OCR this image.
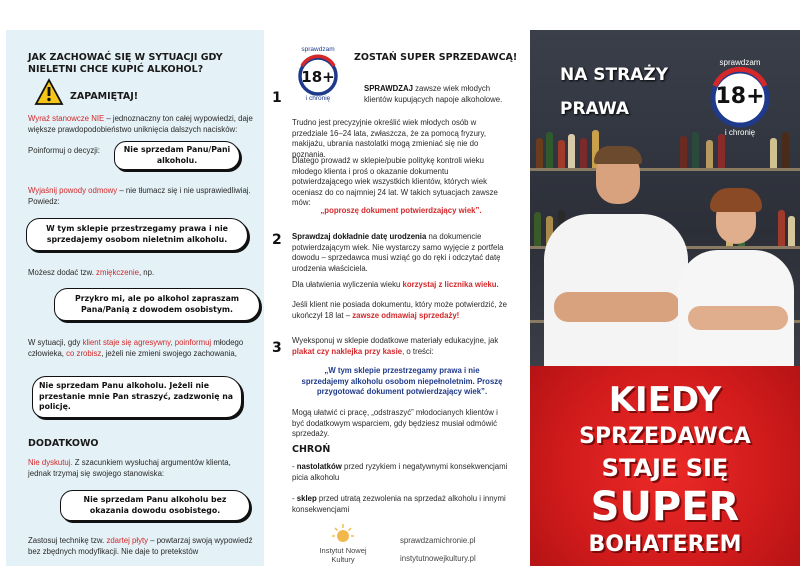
JAK ZACHOWAĆ SIĘ W SYTUACJI GDY NIELETNI CHCE KUPIĆ ALKOHOL?
ZAPAMIĘTAJ!
Wyraź stanowcze NIE – jednoznaczny ton całej wypowiedzi, daje większe prawdopodobieństwo uniknięcia dalszych nacisków:
Poinformuj o decyzji:	Nie sprzedam Panu/Pani alkoholu.
Wyjaśnij powody odmowy – nie tłumacz się i nie usprawiedliwiaj. Powiedz:
W tym sklepie przestrzegamy prawa i nie sprzedajemy osobom nieletnim alkoholu.
Możesz dodać tzw. zmiękczenie, np.
Przykro mi, ale po alkohol zapraszam Pana/Panią z dowodem osobistym.
W sytuacji, gdy klient staje się agresywny, poinformuj młodego człowieka, co zrobisz, jeżeli nie zmieni swojego zachowania,
Nie sprzedam Panu alkoholu. Jeżeli nie przestanie mnie Pan straszyć, zadzwonię na policję.
DODATKOWO
Nie dyskutuj. Z szacunkiem wysłuchaj argumentów klienta, jednak trzymaj się swojego stanowiska:
Nie sprzedam Panu alkoholu bez okazania dowodu osobistego.
Zastosuj technikę tzw. zdartej płyty – powtarzaj swoją wypowiedź bez zbędnych modyfikacji. Nie daje to pretekstów
18+
sprawdzam
i chronię
ZOSTAŃ SUPER SPRZEDAWCĄ!
1
SPRAWDZAJ zawsze wiek młodych klientów kupujących napoje alkoholowe.
Trudno jest precyzyjnie określić wiek młodych osób w przedziale 16–24 lata, zwłaszcza, że za pomocą fryzury, makijażu, ubrania nastolatki mogą zmieniać się nie do poznania.
Dlatego prowadź w sklepie/pubie politykę kontroli wieku młodego klienta i proś o okazanie dokumentu potwierdzającego wiek wszystkich klientów, których wiek oceniasz do co najmniej 24 lat. W takich sytuacjach zawsze mów:
„poproszę dokument potwierdzający wiek”.
2 Sprawdzaj dokładnie datę urodzenia na dokumencie potwierdzającym wiek. Nie wystarczy samo wyjęcie z portfela dowodu – sprzedawca musi wziąć go do ręki i odczytać datę urodzenia właściciela.
Dla ułatwienia wyliczenia wieku korzystaj z licznika wieku.
Jeśli klient nie posiada dokumentu, który może potwierdzić, że ukończył 18 lat – zawsze odmawiaj sprzedaży!
3 Wyeksponuj w sklepie dodatkowe materiały edukacyjne, jak plakat czy naklejka przy kasie, o treści:
„W tym sklepie przestrzegamy prawa i nie sprzedajemy alkoholu osobom niepełnoletnim. Proszę przygotować dokument potwierdzający wiek”.
Mogą ułatwić ci pracę, „odstraszyć” młodocianych klientów i być dodatkowym wsparciem, gdy będziesz musiał odmówić sprzedaży.
CHROŃ
- nastolatków przed ryzykiem i negatywnymi konsekwencjami picia alkoholu
- sklep przed utratą zezwolenia na sprzedaż alkoholu i innymi konsekwencjami
Instytut Nowej Kultury
sprawdzamichronie.pl
instytutnowejkultury.pl
NA STRAŻY
PRAWA	18+
sprawdzam
i chronię
KIEDY
SPRZEDAWCA
STAJE SIĘ
SUPER
BOHATEREM
